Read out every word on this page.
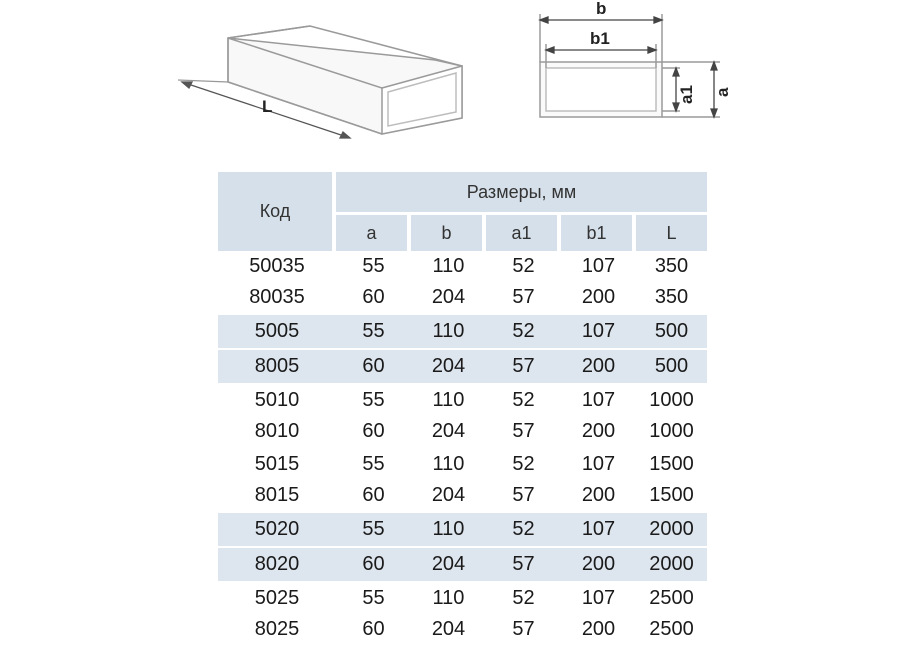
L
b
b1
a1 a
Код	Размеры, мм				
	a	b	a1	b1	L
50035	55	110	52	107	350
80035	60	204	57	200	350

5005	55	110	52	107	500

8005	60	204	57	200	500

5010	55	110	52	107	1000
8010	60	204	57	200	1000

5015	55	110	52	107	1500
8015	60	204	57	200	1500

5020	55	110	52	107	2000

8020	60	204	57	200	2000

5025	55	110	52	107	2500
8025	60	204	57	200	2500
